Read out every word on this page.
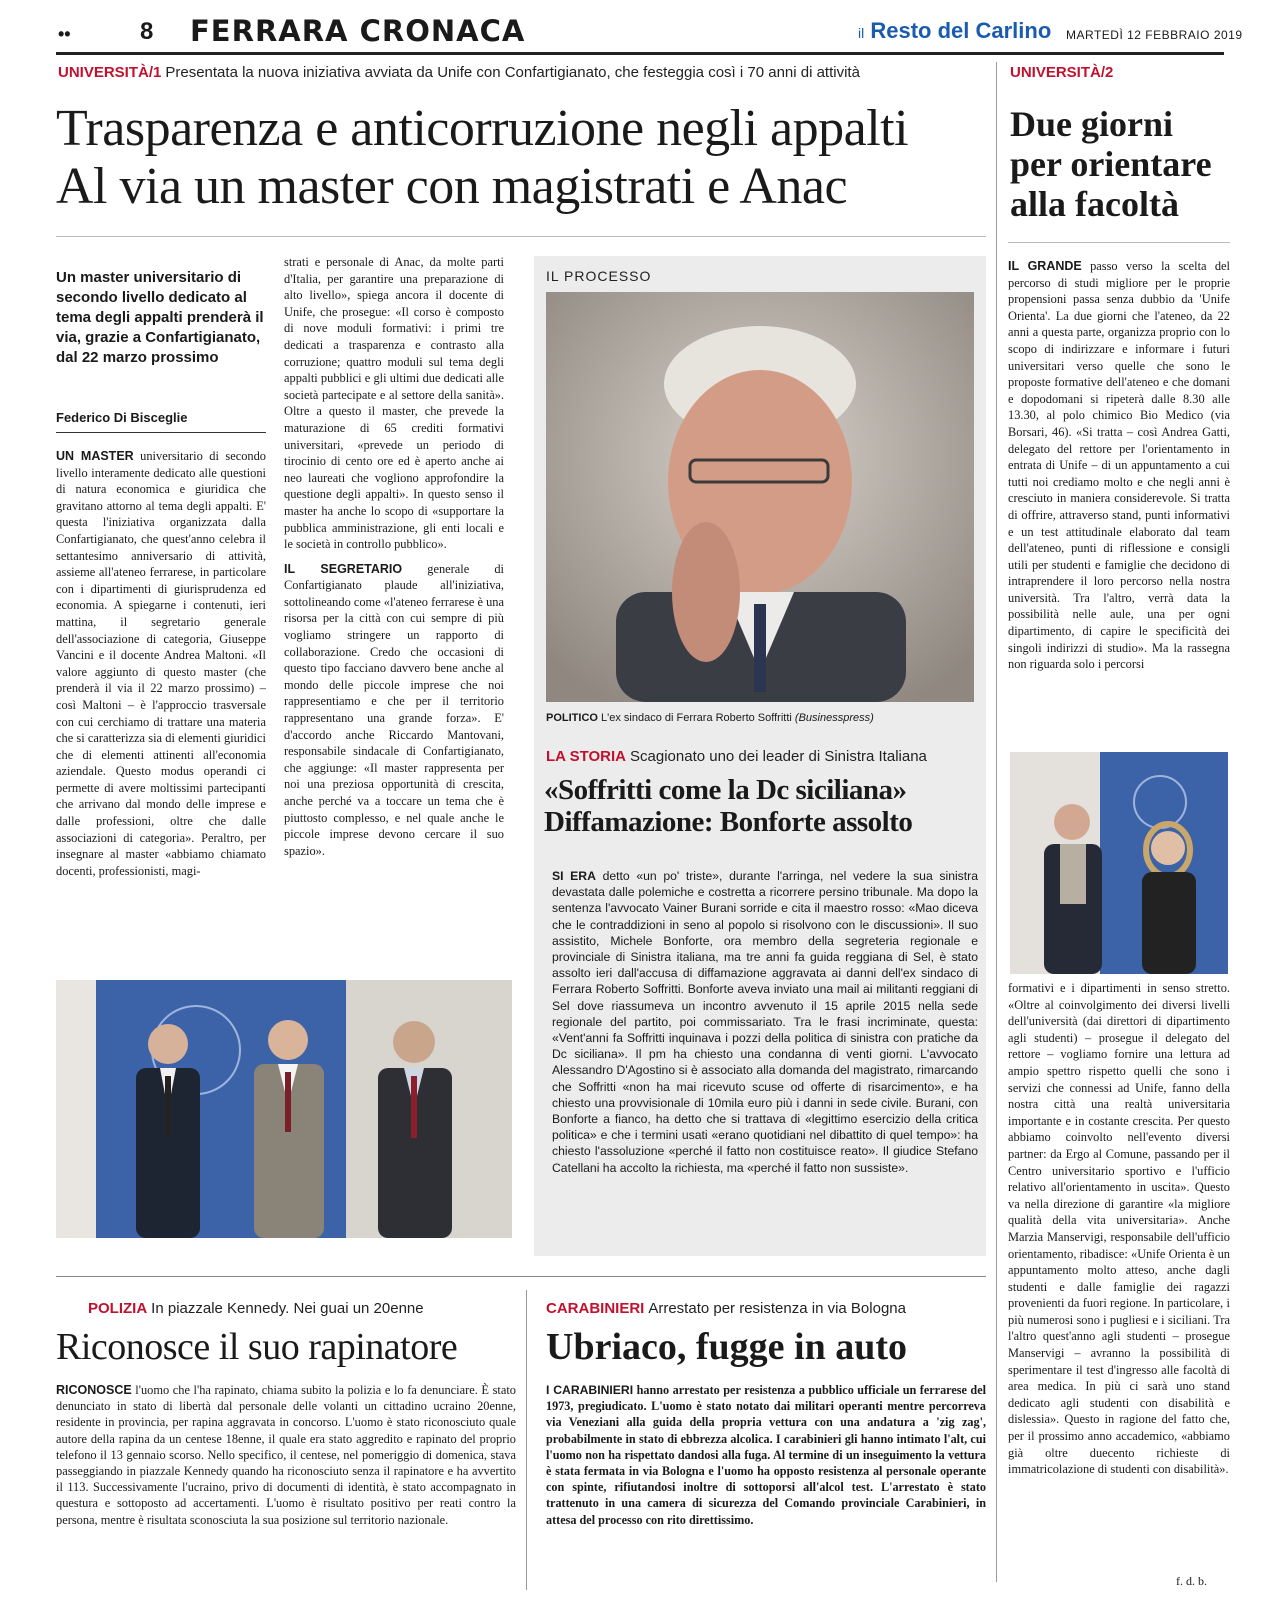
••	8 FERRARA CRONACA	il Resto del Carlino MARTEDÌ 12 FEBBRAIO 2019
UNIVERSITÀ/1 Presentata la nuova iniziativa avviata da Unife con Confartigianato, che festeggia così i 70 anni di attività
Trasparenza e anticorruzione negli appalti
Al via un master con magistrati e Anac
UNIVERSITÀ/2
Due giorni per orientare alla facoltà
Un master universitario di secondo livello dedicato al tema degli appalti prenderà il via, grazie a Confartigianato, dal 22 marzo prossimo
Federico Di Bisceglie
UN MASTER universitario di secondo livello interamente dedicato alle questioni di natura economica e giuridica che gravitano attorno al tema degli appalti. E' questa l'iniziativa organizzata dalla Confartigianato, che quest'anno celebra il settantesimo anniversario di attività, assieme all'ateneo ferrarese, in particolare con i dipartimenti di giurisprudenza ed economia. A spiegarne i contenuti, ieri mattina, il segretario generale dell'associazione di categoria, Giuseppe Vancini e il docente Andrea Maltoni. «Il valore aggiunto di questo master (che prenderà il via il 22 marzo prossimo) – così Maltoni – è l'approccio trasversale con cui cerchiamo di trattare una materia che si caratterizza sia di elementi giuridici che di elementi attinenti all'economia aziendale. Questo modus operandi ci permette di avere moltissimi partecipanti che arrivano dal mondo delle imprese e dalle professioni, oltre che dalle associazioni di categoria». Peraltro, per insegnare al master «abbiamo chiamato docenti, professionisti, magi-
strati e personale di Anac, da molte parti d'Italia, per garantire una preparazione di alto livello», spiega ancora il docente di Unife, che prosegue: «Il corso è composto di nove moduli formativi: i primi tre dedicati a trasparenza e contrasto alla corruzione; quattro moduli sul tema degli appalti pubblici e gli ultimi due dedicati alle società partecipate e al settore della sanità». Oltre a questo il master, che prevede la maturazione di 65 crediti formativi universitari, «prevede un periodo di tirocinio di cento ore ed è aperto anche ai neo laureati che vogliono approfondire la questione degli appalti». In questo senso il master ha anche lo scopo di «supportare la pubblica amministrazione, gli enti locali e le società in controllo pubblico».
IL SEGRETARIO generale di Confartigianato plaude all'iniziativa, sottolineando come «l'ateneo ferrarese è una risorsa per la città con cui sempre di più vogliamo stringere un rapporto di collaborazione. Credo che occasioni di questo tipo facciano davvero bene anche al mondo delle piccole imprese che noi rappresentiamo e che per il territorio rappresentano una grande forza». E' d'accordo anche Riccardo Mantovani, responsabile sindacale di Confartigianato, che aggiunge: «Il master rappresenta per noi una preziosa opportunità di crescita, anche perché va a toccare un tema che è piuttosto complesso, e nel quale anche le piccole imprese devono cercare il suo spazio».
IL PROCESSO
POLITICO L'ex sindaco di Ferrara Roberto Soffritti (Businesspress)
LA STORIA Scagionato uno dei leader di Sinistra Italiana
«Soffritti come la Dc siciliana»
Diffamazione: Bonforte assolto
SI ERA detto «un po' triste», durante l'arringa, nel vedere la sua sinistra devastata dalle polemiche e costretta a ricorrere persino tribunale. Ma dopo la sentenza l'avvocato Vainer Burani sorride e cita il maestro rosso: «Mao diceva che le contraddizioni in seno al popolo si risolvono con le discussioni». Il suo assistito, Michele Bonforte, ora membro della segreteria regionale e provinciale di Sinistra italiana, ma tre anni fa guida reggiana di Sel, è stato assolto ieri dall'accusa di diffamazione aggravata ai danni dell'ex sindaco di Ferrara Roberto Soffritti. Bonforte aveva inviato una mail ai militanti reggiani di Sel dove riassumeva un incontro avvenuto il 15 aprile 2015 nella sede regionale del partito, poi commissariato. Tra le frasi incriminate, questa: «Vent'anni fa Soffritti inquinava i pozzi della politica di sinistra con pratiche da Dc siciliana». Il pm ha chiesto una condanna di venti giorni. L'avvocato Alessandro D'Agostino si è associato alla domanda del magistrato, rimarcando che Soffritti «non ha mai ricevuto scuse od offerte di risarcimento», e ha chiesto una provvisionale di 10mila euro più i danni in sede civile. Burani, con Bonforte a fianco, ha detto che si trattava di «legittimo esercizio della critica politica» e che i termini usati «erano quotidiani nel dibattito di quel tempo»: ha chiesto l'assoluzione «perché il fatto non costituisce reato». Il giudice Stefano Catellani ha accolto la richiesta, ma «perché il fatto non sussiste».
IL GRANDE passo verso la scelta del percorso di studi migliore per le proprie propensioni passa senza dubbio da 'Unife Orienta'. La due giorni che l'ateneo, da 22 anni a questa parte, organizza proprio con lo scopo di indirizzare e informare i futuri universitari verso quelle che sono le proposte formative dell'ateneo e che domani e dopodomani si ripeterà dalle 8.30 alle 13.30, al polo chimico Bio Medico (via Borsari, 46). «Si tratta – così Andrea Gatti, delegato del rettore per l'orientamento in entrata di Unife – di un appuntamento a cui tutti noi crediamo molto e che negli anni è cresciuto in maniera considerevole. Si tratta di offrire, attraverso stand, punti informativi e un test attitudinale elaborato dal team dell'ateneo, punti di riflessione e consigli utili per studenti e famiglie che decidono di intraprendere il loro percorso nella nostra università. Tra l'altro, verrà data la possibilità nelle aule, una per ogni dipartimento, di capire le specificità dei singoli indirizzi di studio». Ma la rassegna non riguarda solo i percorsi
formativi e i dipartimenti in senso stretto. «Oltre al coinvolgimento dei diversi livelli dell'università (dai direttori di dipartimento agli studenti) – prosegue il delegato del rettore – vogliamo fornire una lettura ad ampio spettro rispetto quelli che sono i servizi che connessi ad Unife, fanno della nostra città una realtà universitaria importante e in costante crescita. Per questo abbiamo coinvolto nell'evento diversi partner: da Ergo al Comune, passando per il Centro universitario sportivo e l'ufficio relativo all'orientamento in uscita». Questo va nella direzione di garantire «la migliore qualità della vita universitaria». Anche Marzia Manservigi, responsabile dell'ufficio orientamento, ribadisce: «Unife Orienta è un appuntamento molto atteso, anche dagli studenti e dalle famiglie dei ragazzi provenienti da fuori regione. In particolare, i più numerosi sono i pugliesi e i siciliani. Tra l'altro quest'anno agli studenti – prosegue Manservigi – avranno la possibilità di sperimentare il test d'ingresso alle facoltà di area medica. In più ci sarà uno stand dedicato agli studenti con disabilità e dislessia». Questo in ragione del fatto che, per il prossimo anno accademico, «abbiamo già oltre duecento richieste di immatricolazione di studenti con disabilità».
f. d. b.
POLIZIA In piazzale Kennedy. Nei guai un 20enne
Riconosce il suo rapinatore
RICONOSCE l'uomo che l'ha rapinato, chiama subito la polizia e lo fa denunciare. È stato denunciato in stato di libertà dal personale delle volanti un cittadino ucraino 20enne, residente in provincia, per rapina aggravata in concorso. L'uomo è stato riconosciuto quale autore della rapina da un centese 18enne, il quale era stato aggredito e rapinato del proprio telefono il 13 gennaio scorso. Nello specifico, il centese, nel pomeriggio di domenica, stava passeggiando in piazzale Kennedy quando ha riconosciuto senza il rapinatore e ha avvertito il 113. Successivamente l'ucraino, privo di documenti di identità, è stato accompagnato in questura e sottoposto ad accertamenti. L'uomo è risultato positivo per reati contro la persona, mentre è risultata sconosciuta la sua posizione sul territorio nazionale.
CARABINIERI Arrestato per resistenza in via Bologna
Ubriaco, fugge in auto
I CARABINIERI hanno arrestato per resistenza a pubblico ufficiale un ferrarese del 1973, pregiudicato. L'uomo è stato notato dai militari operanti mentre percorreva via Veneziani alla guida della propria vettura con una andatura a 'zig zag', probabilmente in stato di ebbrezza alcolica. I carabinieri gli hanno intimato l'alt, cui l'uomo non ha rispettato dandosi alla fuga. Al termine di un inseguimento la vettura è stata fermata in via Bologna e l'uomo ha opposto resistenza al personale operante con spinte, rifiutandosi inoltre di sottoporsi all'alcol test. L'arrestato è stato trattenuto in una camera di sicurezza del Comando provinciale Carabinieri, in attesa del processo con rito direttissimo.
